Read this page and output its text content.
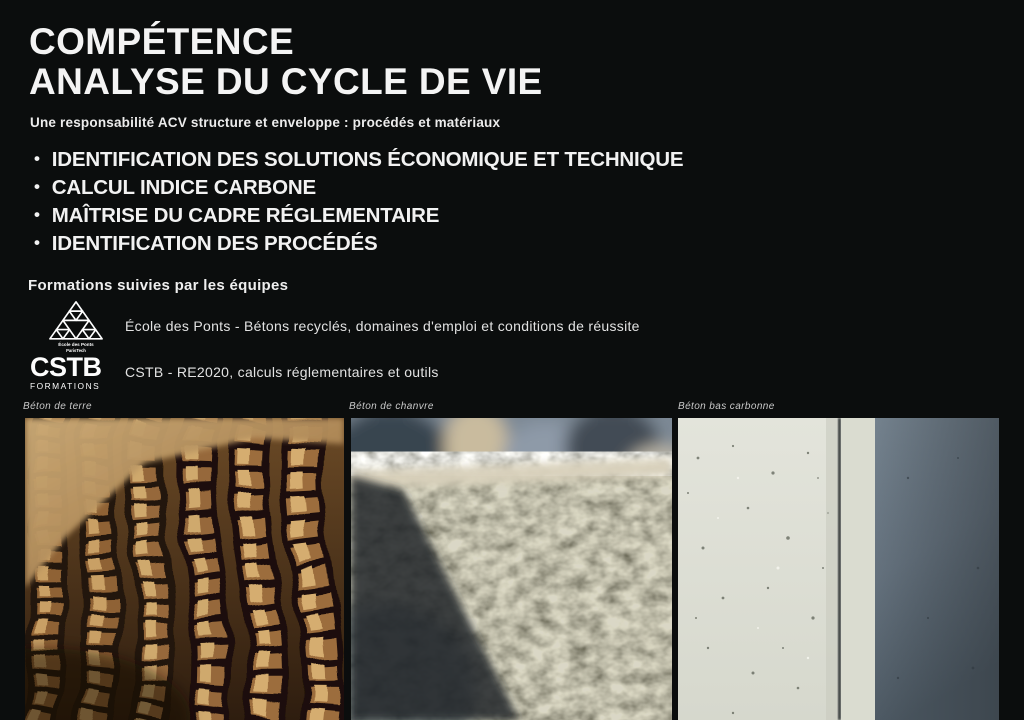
COMPÉTENCE
ANALYSE DU CYCLE DE VIE
Une responsabilité ACV structure et enveloppe : procédés et matériaux
• IDENTIFICATION DES SOLUTIONS ÉCONOMIQUE ET TECHNIQUE
• CALCUL INDICE CARBONE
• MAÎTRISE DU CADRE RÉGLEMENTAIRE
• IDENTIFICATION DES PROCÉDÉS
Formations suivies par les équipes
École des Ponts
ParisTech
École des Ponts - Bétons recyclés, domaines d'emploi et conditions de réussite
CSTB
FORMATIONS
CSTB - RE2020, calculs réglementaires et outils
Béton de terre	Béton de chanvre	Béton bas carbonne
